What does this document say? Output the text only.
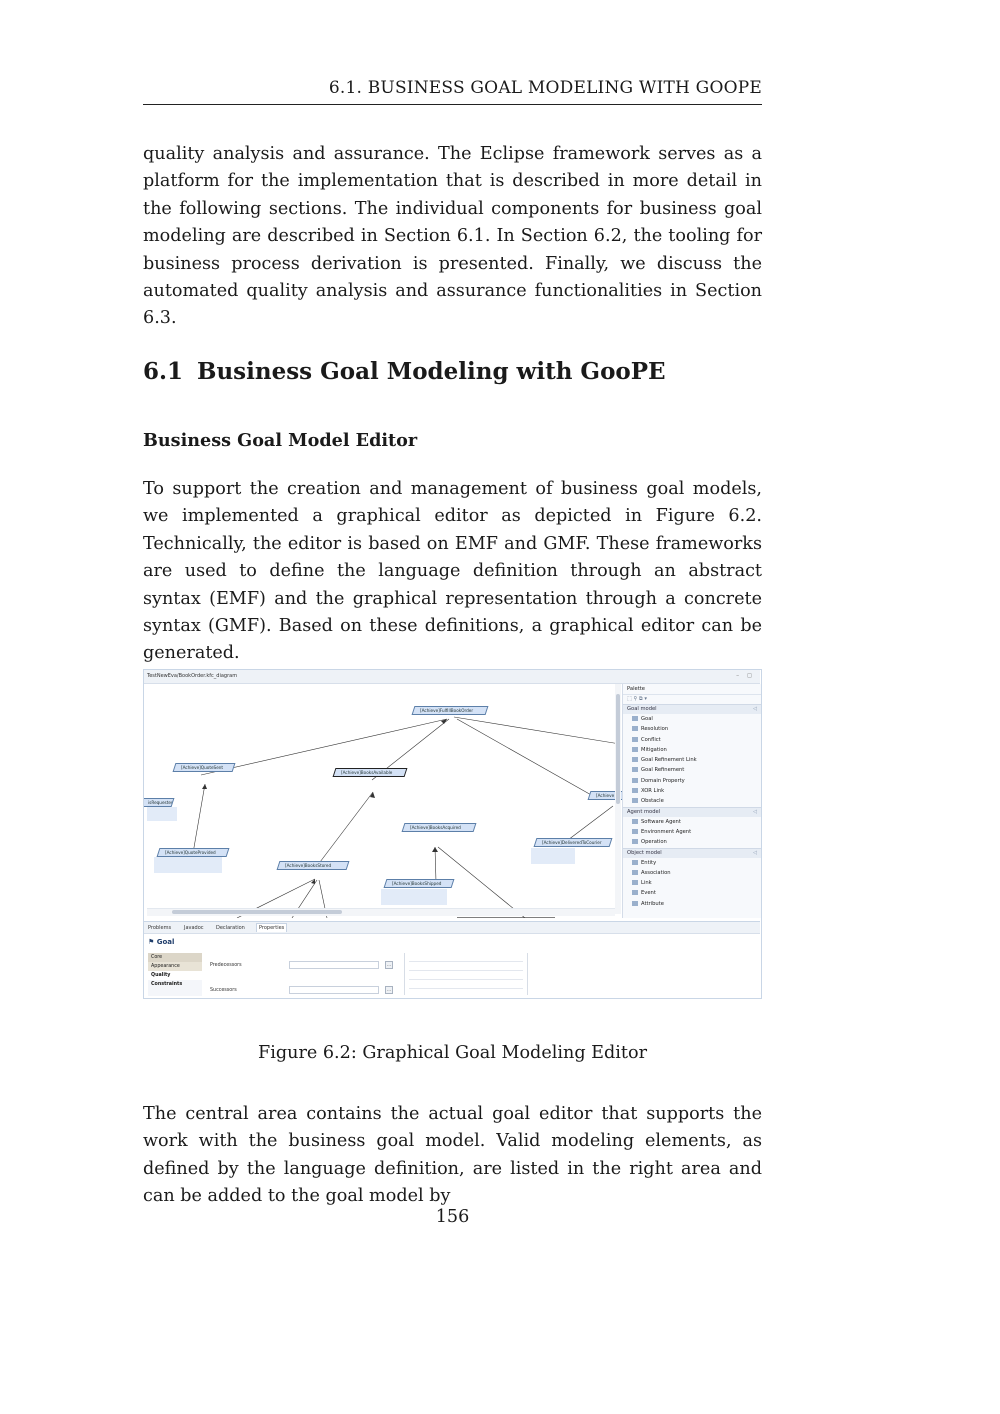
6.1. BUSINESS GOAL MODELING WITH GOOPE

quality analysis and assurance. The Eclipse framework serves as a platform for the implementation that is described in more detail in the following sections. The individual components for business goal modeling are described in Section 6.1. In Section 6.2, the tooling for business process derivation is presented. Finally, we discuss the automated quality analysis and assurance functionalities in Section 6.3.

6.1 Business Goal Modeling with GooPE
Business Goal Model Editor

To support the creation and management of business goal models, we implemented a graphical editor as depicted in Figure 6.2. Technically, the editor is based on EMF and GMF. These frameworks are used to define the language definition through an abstract syntax (EMF) and the graphical representation through a concrete syntax (GMF). Based on these definitions, a graphical editor can be generated.

TestNewEva/BookOrder.kfc_diagram	– ◻
[Achieve]FulfillBookOrder
[Achieve]QuoteSent
[Achieve]BooksAvailable
isRequested
[Achieve
[Achieve]BooksAcquired
[Achieve]DeliveredToCourier
[Achieve]QuoteProvided
[Achieve]BooksStored
[Achieve]BooksShipped
Palette
⬚ ⚲ ⧉ ▾
Goal model	◁
Goal
Resolution
Conflict
Mitigation
Goal Refinement Link
Goal Refinement
Domain Property
XOR Link
Obstacle
Agent model	◁
Software Agent
Environment Agent
Operation
Object model	◁
Entity
Association
Link
Event
Attribute
Problems	Javadoc Declaration	Properties
⚑ Goal
Core
Appearance
Quality Constraints
Predecessors	...
Successors	...
Figure 6.2: Graphical Goal Modeling Editor

The central area contains the actual goal editor that supports the work with the business goal model. Valid modeling elements, as defined by the language definition, are listed in the right area and can be added to the goal model by

156
